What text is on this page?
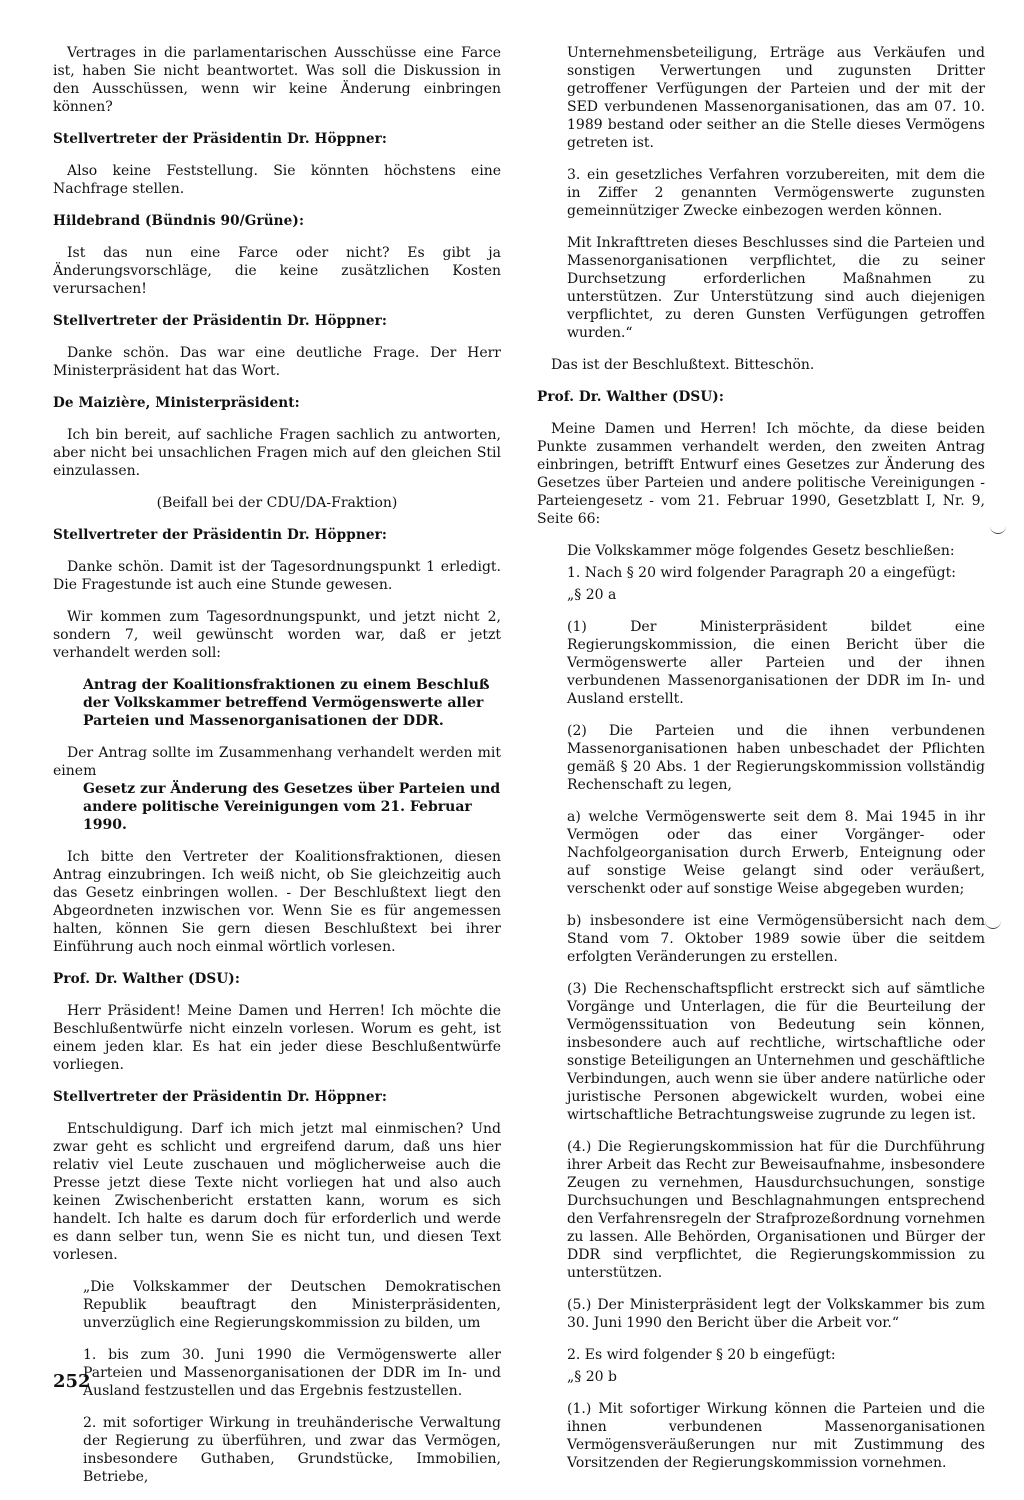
Vertrages in die parlamentarischen Ausschüsse eine Farce ist, haben Sie nicht beantwortet. Was soll die Diskussion in den Ausschüssen, wenn wir keine Änderung einbringen können?
Stellvertreter der Präsidentin Dr. Höppner:
Also keine Feststellung. Sie könnten höchstens eine Nachfrage stellen.
Hildebrand (Bündnis 90/Grüne):
Ist das nun eine Farce oder nicht? Es gibt ja Änderungsvorschläge, die keine zusätzlichen Kosten verursachen!
Stellvertreter der Präsidentin Dr. Höppner:
Danke schön. Das war eine deutliche Frage. Der Herr Ministerpräsident hat das Wort.
De Maizière, Ministerpräsident:
Ich bin bereit, auf sachliche Fragen sachlich zu antworten, aber nicht bei unsachlichen Fragen mich auf den gleichen Stil einzulassen.
(Beifall bei der CDU/DA-Fraktion)
Stellvertreter der Präsidentin Dr. Höppner:
Danke schön. Damit ist der Tagesordnungspunkt 1 erledigt. Die Fragestunde ist auch eine Stunde gewesen.
Wir kommen zum Tagesordnungspunkt, und jetzt nicht 2, sondern 7, weil gewünscht worden war, daß er jetzt verhandelt werden soll:
Antrag der Koalitionsfraktionen zu einem Beschluß der Volkskammer betreffend Vermögenswerte aller Parteien und Massenorganisationen der DDR.
Der Antrag sollte im Zusammenhang verhandelt werden mit einem
Gesetz zur Änderung des Gesetzes über Parteien und andere politische Vereinigungen vom 21. Februar 1990.
Ich bitte den Vertreter der Koalitionsfraktionen, diesen Antrag einzubringen. Ich weiß nicht, ob Sie gleichzeitig auch das Gesetz einbringen wollen. - Der Beschlußtext liegt den Abgeordneten inzwischen vor. Wenn Sie es für angemessen halten, können Sie gern diesen Beschlußtext bei ihrer Einführung auch noch einmal wörtlich vorlesen.
Prof. Dr. Walther (DSU):
Herr Präsident! Meine Damen und Herren! Ich möchte die Beschlußentwürfe nicht einzeln vorlesen. Worum es geht, ist einem jeden klar. Es hat ein jeder diese Beschlußentwürfe vorliegen.
Stellvertreter der Präsidentin Dr. Höppner:
Entschuldigung. Darf ich mich jetzt mal einmischen? Und zwar geht es schlicht und ergreifend darum, daß uns hier relativ viel Leute zuschauen und möglicherweise auch die Presse jetzt diese Texte nicht vorliegen hat und also auch keinen Zwischenbericht erstatten kann, worum es sich handelt. Ich halte es darum doch für erforderlich und werde es dann selber tun, wenn Sie es nicht tun, und diesen Text vorlesen.
„Die Volkskammer der Deutschen Demokratischen Republik beauftragt den Ministerpräsidenten, unverzüglich eine Regierungskommission zu bilden, um
1. bis zum 30. Juni 1990 die Vermögenswerte aller Parteien und Massenorganisationen der DDR im In- und Ausland festzustellen und das Ergebnis festzustellen.
2. mit sofortiger Wirkung in treuhänderische Verwaltung der Regierung zu überführen, und zwar das Vermögen, insbesondere Guthaben, Grundstücke, Immobilien, Betriebe,
Unternehmensbeteiligung, Erträge aus Verkäufen und sonstigen Verwertungen und zugunsten Dritter getroffener Verfügungen der Parteien und der mit der SED verbundenen Massenorganisationen, das am 07. 10. 1989 bestand oder seither an die Stelle dieses Vermögens getreten ist.
3. ein gesetzliches Verfahren vorzubereiten, mit dem die in Ziffer 2 genannten Vermögenswerte zugunsten gemeinnütziger Zwecke einbezogen werden können.
Mit Inkrafttreten dieses Beschlusses sind die Parteien und Massenorganisationen verpflichtet, die zu seiner Durchsetzung erforderlichen Maßnahmen zu unterstützen. Zur Unterstützung sind auch diejenigen verpflichtet, zu deren Gunsten Verfügungen getroffen wurden.“
Das ist der Beschlußtext. Bitteschön.
Prof. Dr. Walther (DSU):
Meine Damen und Herren! Ich möchte, da diese beiden Punkte zusammen verhandelt werden, den zweiten Antrag einbringen, betrifft Entwurf eines Gesetzes zur Änderung des Gesetzes über Parteien und andere politische Vereinigungen - Parteiengesetz - vom 21. Februar 1990, Gesetzblatt I, Nr. 9, Seite 66:
Die Volkskammer möge folgendes Gesetz beschließen:
1. Nach § 20 wird folgender Paragraph 20 a eingefügt:
„§ 20 a
(1) Der Ministerpräsident bildet eine Regierungskommission, die einen Bericht über die Vermögenswerte aller Parteien und der ihnen verbundenen Massenorganisationen der DDR im In- und Ausland erstellt.
(2) Die Parteien und die ihnen verbundenen Massenorganisationen haben unbeschadet der Pflichten gemäß § 20 Abs. 1 der Regierungskommission vollständig Rechenschaft zu legen,
a) welche Vermögenswerte seit dem 8. Mai 1945 in ihr Vermögen oder das einer Vorgänger- oder Nachfolgeorganisation durch Erwerb, Enteignung oder auf sonstige Weise gelangt sind oder veräußert, verschenkt oder auf sonstige Weise abgegeben wurden;
b) insbesondere ist eine Vermögensübersicht nach dem Stand vom 7. Oktober 1989 sowie über die seitdem erfolgten Veränderungen zu erstellen.
(3) Die Rechenschaftspflicht erstreckt sich auf sämtliche Vorgänge und Unterlagen, die für die Beurteilung der Vermögenssituation von Bedeutung sein können, insbesondere auch auf rechtliche, wirtschaftliche oder sonstige Beteiligungen an Unternehmen und geschäftliche Verbindungen, auch wenn sie über andere natürliche oder juristische Personen abgewickelt wurden, wobei eine wirtschaftliche Betrachtungsweise zugrunde zu legen ist.
(4.) Die Regierungskommission hat für die Durchführung ihrer Arbeit das Recht zur Beweisaufnahme, insbesondere Zeugen zu vernehmen, Hausdurchsuchungen, sonstige Durchsuchungen und Beschlagnahmungen entsprechend den Verfahrensregeln der Strafprozeßordnung vornehmen zu lassen. Alle Behörden, Organisationen und Bürger der DDR sind verpflichtet, die Regierungskommission zu unterstützen.
(5.) Der Ministerpräsident legt der Volkskammer bis zum 30. Juni 1990 den Bericht über die Arbeit vor.“
2. Es wird folgender § 20 b eingefügt:
„§ 20 b
(1.) Mit sofortiger Wirkung können die Parteien und die ihnen verbundenen Massenorganisationen Vermögensveräußerungen nur mit Zustimmung des Vorsitzenden der Regierungskommission vornehmen.
252
